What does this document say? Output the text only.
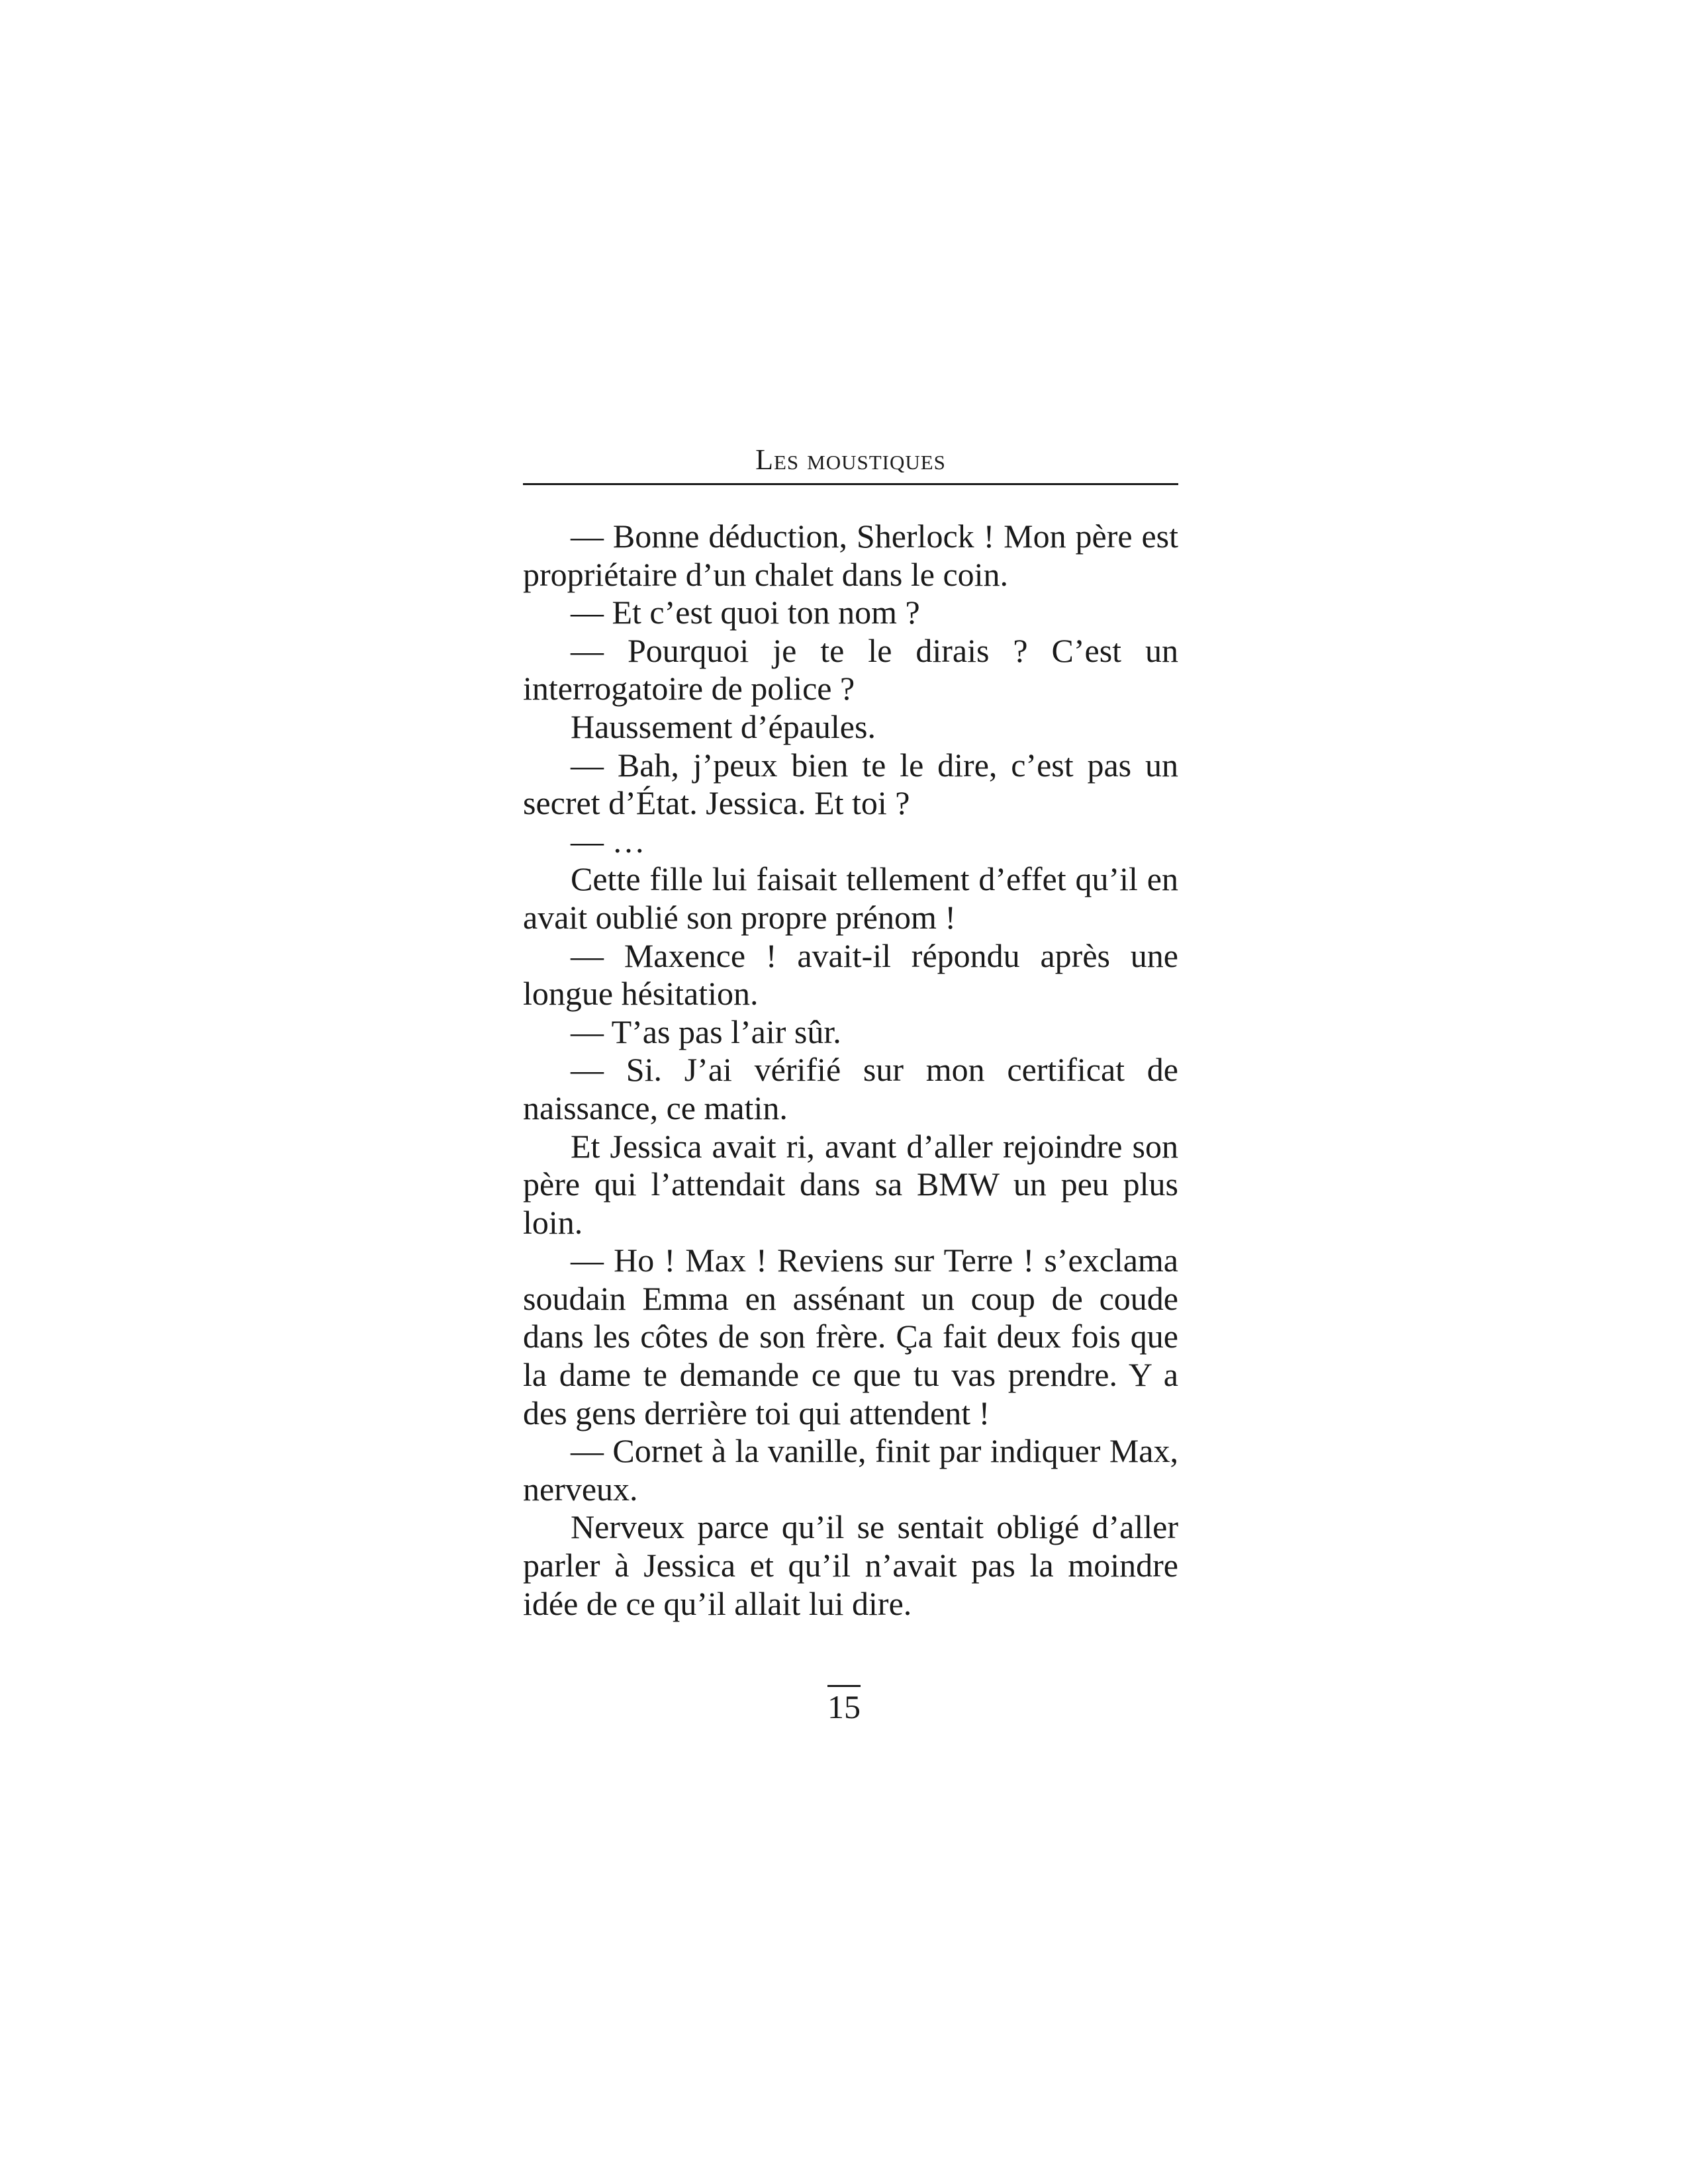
Les moustiques

— Bonne déduction, Sherlock ! Mon père est propriétaire d’un chalet dans le coin.

— Et c’est quoi ton nom ?

— Pourquoi je te le dirais ? C’est un interrogatoire de police ?

Haussement d’épaules.

— Bah, j’peux bien te le dire, c’est pas un secret d’État. Jessica. Et toi ?

— …

Cette fille lui faisait tellement d’effet qu’il en avait oublié son propre prénom !

— Maxence ! avait-il répondu après une longue hésitation.

— T’as pas l’air sûr.

— Si. J’ai vérifié sur mon certificat de naissance, ce matin.

Et Jessica avait ri, avant d’aller rejoindre son père qui l’attendait dans sa BMW un peu plus loin.

— Ho ! Max ! Reviens sur Terre ! s’exclama soudain Emma en assénant un coup de coude dans les côtes de son frère. Ça fait deux fois que la dame te demande ce que tu vas prendre. Y a des gens derrière toi qui attendent !

— Cornet à la vanille, finit par indiquer Max, nerveux.

Nerveux parce qu’il se sentait obligé d’aller parler à Jessica et qu’il n’avait pas la moindre idée de ce qu’il allait lui dire.

15
